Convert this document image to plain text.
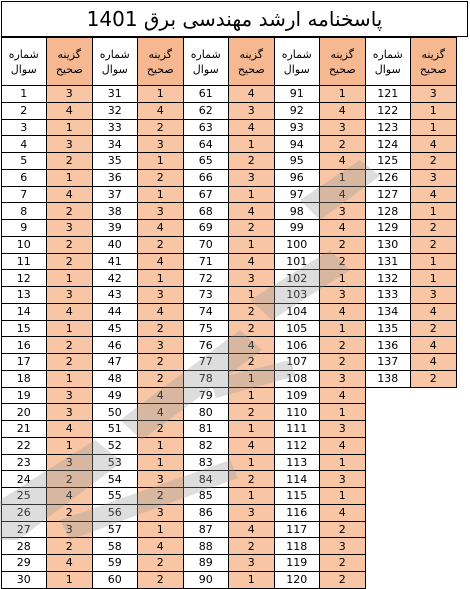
پاسخنامه ارشد مهندسی برق 1401
شماره سوال	گزینه صحیح	شماره سوال	گزینه صحیح	شماره سوال	گزینه صحیح	شماره سوال	گزینه صحیح	شماره سوال	گزینه صحیح
1	3	31	1	61	4	91	1	121	3
2	4	32	4	62	3	92	4	122	1
3	1	33	2	63	4	93	3	123	1
4	3	34	3	64	1	94	2	124	4
5	2	35	1	65	2	95	4	125	2
6	1	36	2	66	3	96	1	126	3
7	4	37	1	67	1	97	4	127	4
8	2	38	3	68	4	98	3	128	1
9	3	39	4	69	2	99	4	129	2
10	2	40	2	70	1	100	2	130	2
11	2	41	4	71	4	101	2	131	1
12	1	42	1	72	3	102	1	132	1
13	3	43	3	73	1	103	3	133	3
14	4	44	4	74	2	104	4	134	4
15	1	45	2	75	2	105	1	135	2
16	2	46	3	76	4	106	2	136	4
17	2	47	2	77	2	107	2	137	4
18	1	48	2	78	1	108	3	138	2
19	3	49	4	79	1	109	4		
20	3	50	4	80	2	110	1		
21	4	51	2	81	1	111	3		
22	1	52	1	82	4	112	4		
23	3	53	1	83	1	113	1		
24	2	54	3	84	2	114	3		
25	4	55	2	85	1	115	1		
26	2	56	3	86	3	116	4		
27	3	57	1	87	4	117	2		
28	2	58	4	88	2	118	3		
29	4	59	2	89	3	119	2		
30	1	60	2	90	1	120	2		
